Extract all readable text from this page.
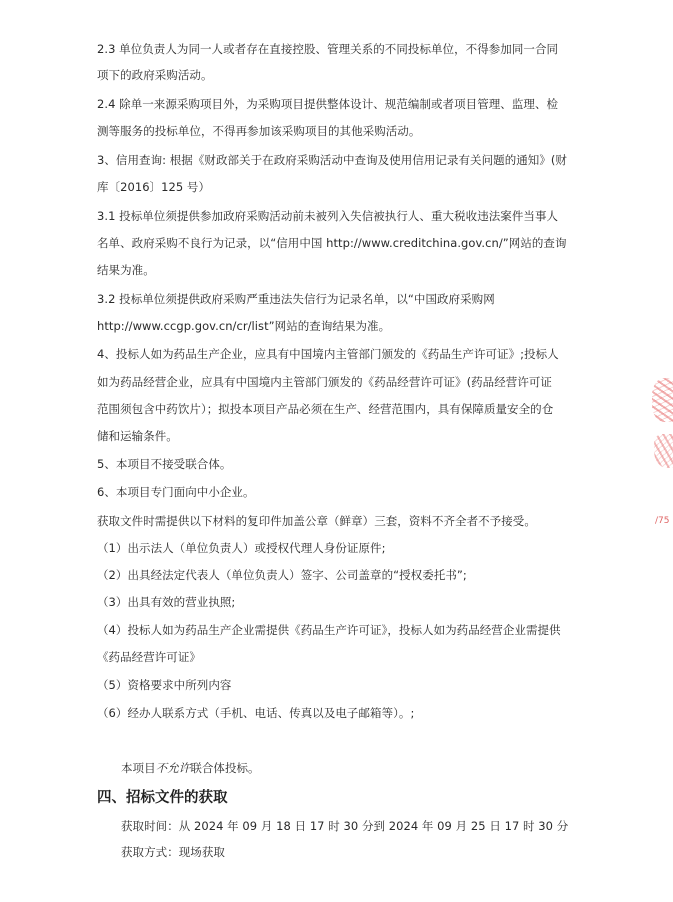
2.3 单位负责人为同一人或者存在直接控股、管理关系的不同投标单位，不得参加同一合同
项下的政府采购活动。
2.4 除单一来源采购项目外，为采购项目提供整体设计、规范编制或者项目管理、监理、检
测等服务的投标单位，不得再参加该采购项目的其他采购活动。
3、信用查询: 根据《财政部关于在政府采购活动中查询及使用信用记录有关问题的通知》(财
库〔2016〕125 号）
3.1 投标单位须提供参加政府采购活动前未被列入失信被执行人、重大税收违法案件当事人
名单、政府采购不良行为记录，以“信用中国 http://www.creditchina.gov.cn/”网站的查询
结果为准。
3.2 投标单位须提供政府采购严重违法失信行为记录名单，以“中国政府采购网
http://www.ccgp.gov.cn/cr/list”网站的查询结果为准。
4、投标人如为药品生产企业，应具有中国境内主管部门颁发的《药品生产许可证》;投标人
如为药品经营企业，应具有中国境内主管部门颁发的《药品经营许可证》(药品经营许可证
范围须包含中药饮片）；拟投本项目产品必须在生产、经营范围内，具有保障质量安全的仓
储和运输条件。
5、本项目不接受联合体。
6、本项目专门面向中小企业。
获取文件时需提供以下材料的复印件加盖公章（鲜章）三套，资料不齐全者不予接受。
（1）出示法人（单位负责人）或授权代理人身份证原件;
（2）出具经法定代表人（单位负责人）签字、公司盖章的“授权委托书”;
（3）出具有效的营业执照;
（4）投标人如为药品生产企业需提供《药品生产许可证》，投标人如为药品经营企业需提供
《药品经营许可证》
（5）资格要求中所列内容
（6）经办人联系方式（手机、电话、传真以及电子邮箱等）。;
本项目不允许联合体投标。
四、招标文件的获取
获取时间：从 2024 年 09 月 18 日 17 时 30 分到 2024 年 09 月 25 日 17 时 30 分
获取方式：现场获取
/75
